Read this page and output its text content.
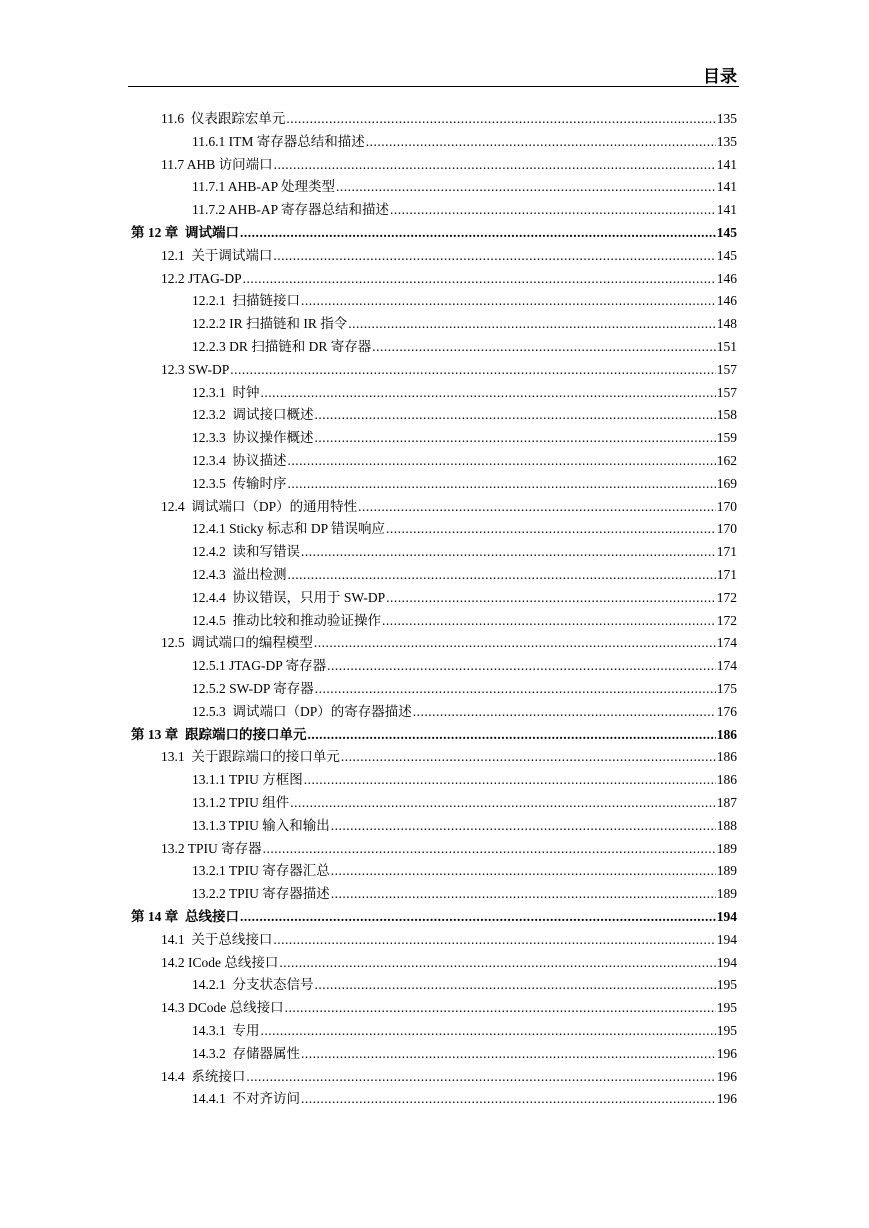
目录
11.6  仪表跟踪宏单元 .....	135
11.6.1 ITM 寄存器总结和描述 .....	135
11.7 AHB 访问端口 .....	141
11.7.1 AHB-AP 处理类型 .....	141
11.7.2 AHB-AP 寄存器总结和描述 .....	141
第 12 章  调试端口 .....	145
12.1  关于调试端口 .....	145
12.2 JTAG-DP .....	146
12.2.1  扫描链接口 .....	146
12.2.2 IR 扫描链和 IR 指令 .....	148
12.2.3 DR 扫描链和 DR 寄存器 .....	151
12.3 SW-DP .....	157
12.3.1  时钟 .....	157
12.3.2  调试接口概述 .....	158
12.3.3  协议操作概述 .....	159
12.3.4  协议描述 .....	162
12.3.5  传输时序 .....	169
12.4  调试端口（DP）的通用特性 .....	170
12.4.1 Sticky 标志和 DP 错误响应 .....	170
12.4.2  读和写错误 .....	171
12.4.3  溢出检测 .....	171
12.4.4  协议错误，只用于 SW-DP .....	172
12.4.5  推动比较和推动验证操作 .....	172
12.5  调试端口的编程模型 .....	174
12.5.1 JTAG-DP 寄存器 .....	174
12.5.2 SW-DP 寄存器 .....	175
12.5.3  调试端口（DP）的寄存器描述 .....	176
第 13 章  跟踪端口的接口单元 .....	186
13.1  关于跟踪端口的接口单元 .....	186
13.1.1 TPIU 方框图 .....	186
13.1.2 TPIU 组件 .....	187
13.1.3 TPIU 输入和输出 .....	188
13.2 TPIU 寄存器 .....	189
13.2.1 TPIU 寄存器汇总 .....	189
13.2.2 TPIU 寄存器描述 .....	189
第 14 章  总线接口 .....	194
14.1  关于总线接口 .....	194
14.2 ICode 总线接口 .....	194
14.2.1  分支状态信号 .....	195
14.3 DCode 总线接口 .....	195
14.3.1  专用 .....	195
14.3.2  存储器属性 .....	196
14.4  系统接口 .....	196
14.4.1  不对齐访问 .....	196
